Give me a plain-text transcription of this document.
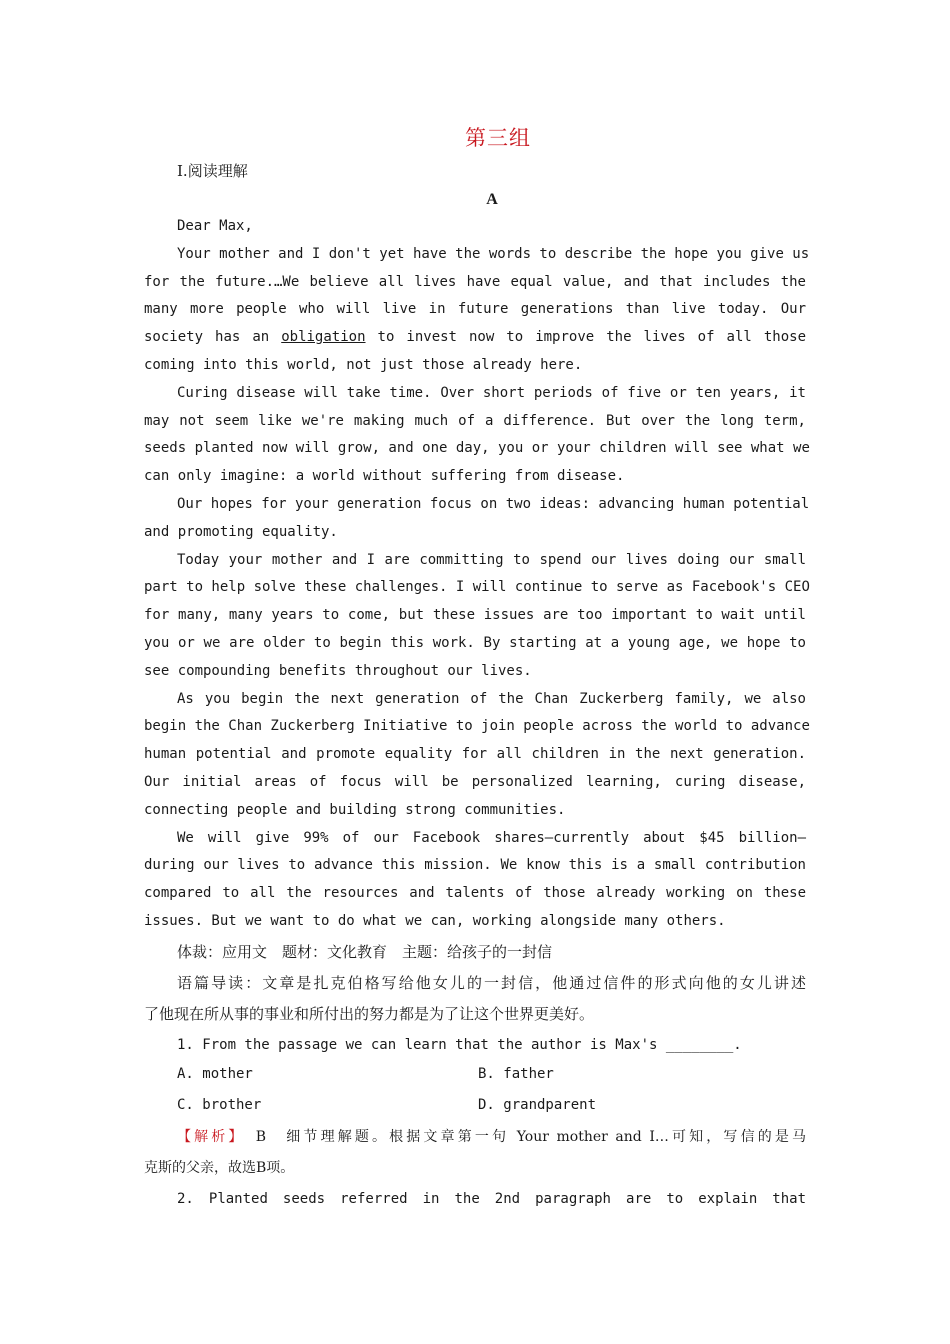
第三组
Ⅰ.阅读理解
A
Dear Max,
Your mother and I don't yet have the words to describe the hope you give us
for the future.…We believe all lives have equal value, and that includes the
many more people who will live in future generations than live today. Our
society has an obligation to invest now to improve the lives of all those
coming into this world, not just those already here.
Curing disease will take time. Over short periods of five or ten years, it
may not seem like we're making much of a difference. But over the long term,
seeds planted now will grow, and one day, you or your children will see what we
can only imagine: a world without suffering from disease.
Our hopes for your generation focus on two ideas: advancing human potential
and promoting equality.
Today your mother and I are committing to spend our lives doing our small
part to help solve these challenges. I will continue to serve as Facebook's CEO
for many, many years to come, but these issues are too important to wait until
you or we are older to begin this work. By starting at a young age, we hope to
see compounding benefits throughout our lives.
As you begin the next generation of the Chan Zuckerberg family, we also
begin the Chan Zuckerberg Initiative to join people across the world to advance
human potential and promote equality for all children in the next generation.
Our initial areas of focus will be personalized learning, curing disease,
connecting people and building strong communities.
We will give 99% of our Facebook shares—currently about $45 billion—
during our lives to advance this mission. We know this is a small contribution
compared to all the resources and talents of those already working on these
issues. But we want to do what we can, working alongside many others.
体裁：应用文　题材：文化教育　主题：给孩子的一封信
语篇导读：文章是扎克伯格写给他女儿的一封信，他通过信件的形式向他的女儿讲述
了他现在所从事的事业和所付出的努力都是为了让这个世界更美好。
1. From the passage we can learn that the author is Max's ________.
A. mother	B. father
C. brother	D. grandparent
【解析】　B　细节理解题。根据文章第一句 Your mother and I…可知，写信的是马
克斯的父亲，故选B项。
2. Planted seeds referred in the 2nd paragraph are to explain that
